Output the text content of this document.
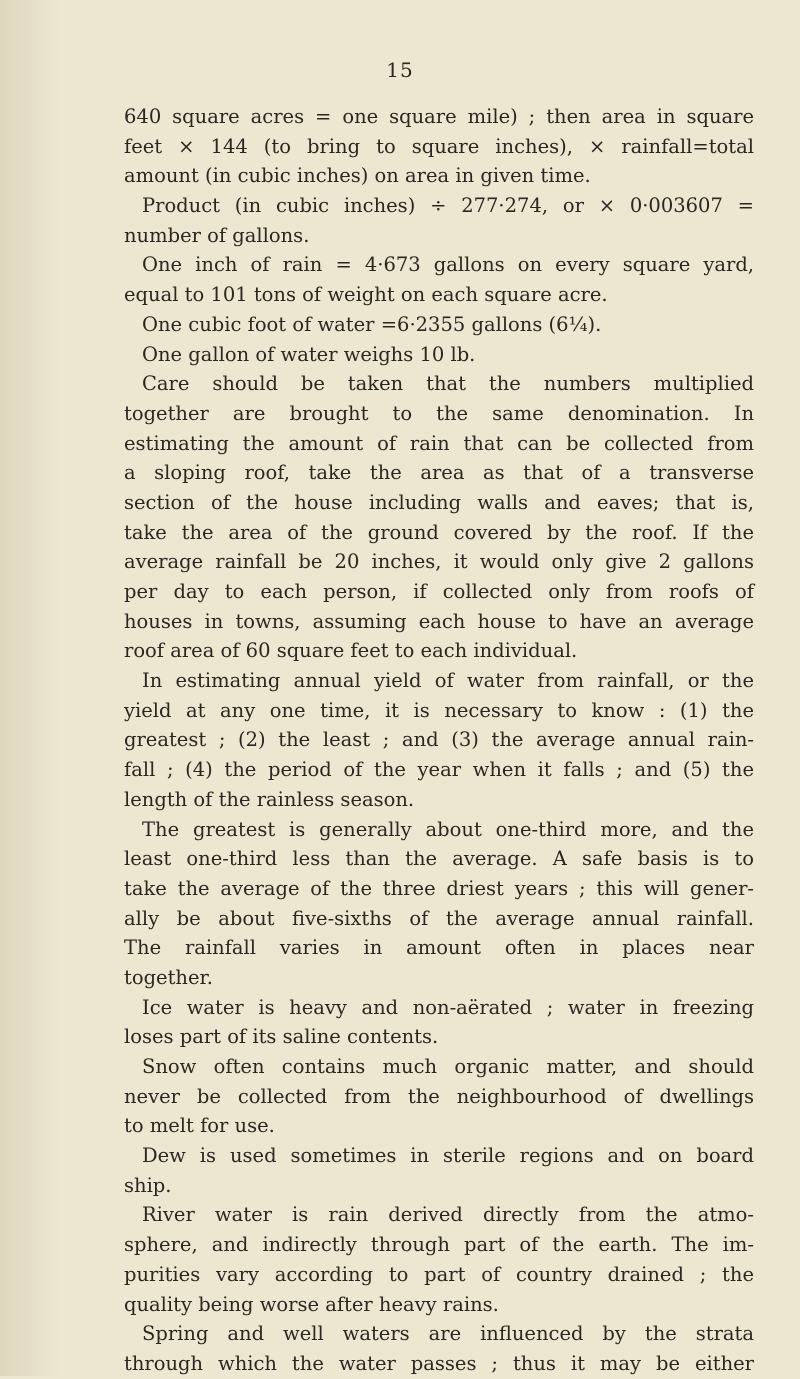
15
640 square acres = one square mile) ; then area in square
feet × 144 (to bring to square inches), × rainfall=total
amount (in cubic inches) on area in given time.
Product (in cubic inches) ÷ 277·274, or × 0·003607 =
number of gallons.
One inch of rain = 4·673 gallons on every square yard,
equal to 101 tons of weight on each square acre.
One cubic foot of water =6·2355 gallons (6¼).
One gallon of water weighs 10 lb.
Care should be taken that the numbers multiplied
together are brought to the same denomination. In
estimating the amount of rain that can be collected from
a sloping roof, take the area as that of a transverse
section of the house including walls and eaves; that is,
take the area of the ground covered by the roof. If the
average rainfall be 20 inches, it would only give 2 gallons
per day to each person, if collected only from roofs of
houses in towns, assuming each house to have an average
roof area of 60 square feet to each individual.
In estimating annual yield of water from rainfall, or the
yield at any one time, it is necessary to know : (1) the
greatest ; (2) the least ; and (3) the average annual rain-
fall ; (4) the period of the year when it falls ; and (5) the
length of the rainless season.
The greatest is generally about one-third more, and the
least one-third less than the average. A safe basis is to
take the average of the three driest years ; this will gener-
ally be about five-sixths of the average annual rainfall.
The rainfall varies in amount often in places near
together.
Ice water is heavy and non-aërated ; water in freezing
loses part of its saline contents.
Snow often contains much organic matter, and should
never be collected from the neighbourhood of dwellings
to melt for use.
Dew is used sometimes in sterile regions and on board
ship.
River water is rain derived directly from the atmo-
sphere, and indirectly through part of the earth. The im-
purities vary according to part of country drained ; the
quality being worse after heavy rains.
Spring and well waters are influenced by the strata
through which the water passes ; thus it may be either
